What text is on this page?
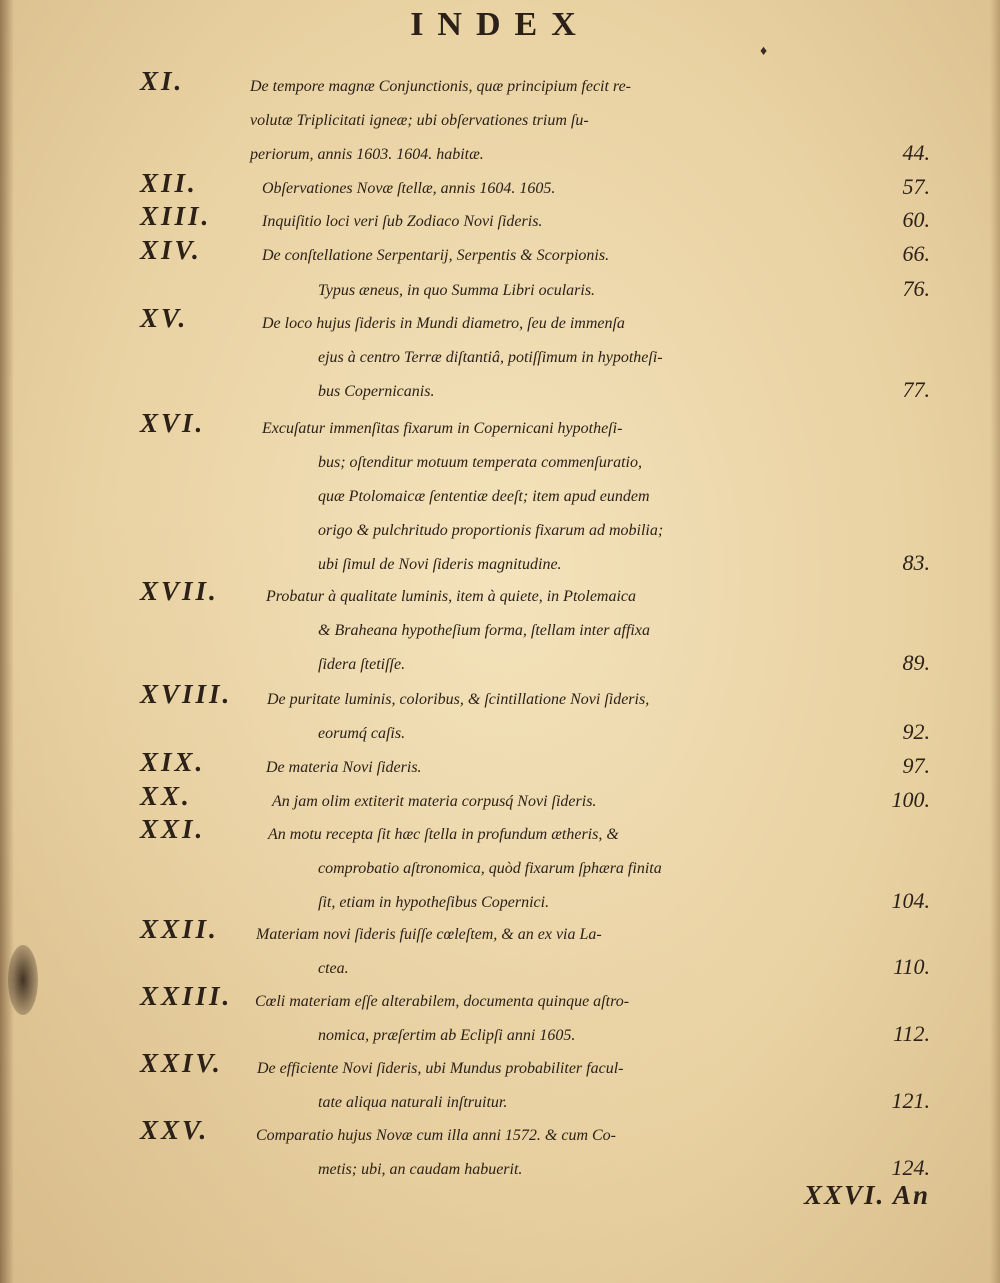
INDEX
♦
XI.	De tempore magnæ Conjunctionis, quæ principium fecit re-
volutæ Triplicitati igneæ; ubi obſervationes trium ſu-
periorum, annis 1603. 1604. habitæ.	44.
XII.	Obſervationes Novæ ſtellæ, annis 1604. 1605.	57.
XIII.	Inquiſitio loci veri ſub Zodiaco Novi ſideris.	60.
XIV.	De conſtellatione Serpentarij, Serpentis & Scorpionis.	66.
Typus æneus, in quo Summa Libri ocularis.	76.
XV.	De loco hujus ſideris in Mundi diametro, ſeu de immenſa
ejus à centro Terræ diſtantiâ, potiſſimum in hypotheſi-
bus Copernicanis.	77.
XVI.	Excuſatur immenſitas fixarum in Copernicani hypotheſi-
bus; oſtenditur motuum temperata commenſuratio,
quæ Ptolomaicæ ſententiæ deeſt; item apud eundem
origo & pulchritudo proportionis fixarum ad mobilia;
ubi ſimul de Novi ſideris magnitudine.	83.
XVII.	Probatur à qualitate luminis, item à quiete, in Ptolemaica
& Braheana hypotheſium forma, ſtellam inter affixa
ſidera ſtetiſſe.	89.
XVIII. De puritate luminis, coloribus, & ſcintillatione Novi ſideris,
eorumq́ caſis.	92.
XIX.	De materia Novi ſideris.	97.
XX.	An jam olim extiterit materia corpusq́ Novi ſideris.	100.
XXI.	An motu recepta ſit hæc ſtella in profundum ætheris, &
comprobatio aſtronomica, quòd fixarum ſphæra finita
ſit, etiam in hypotheſibus Copernici.	104.
XXII. Materiam novi ſideris fuiſſe cœleſtem, & an ex via La-
ctea.	110.
XXIII. Cœli materiam eſſe alterabilem, documenta quinque aſtro-
nomica, præſertim ab Eclipſi anni 1605.	112.
XXIV. De efficiente Novi ſideris, ubi Mundus probabiliter facul-
tate aliqua naturali inſtruitur.	121.
XXV.	Comparatio hujus Novæ cum illa anni 1572. & cum Co-
metis; ubi, an caudam habuerit.	124.
XXVI. An
